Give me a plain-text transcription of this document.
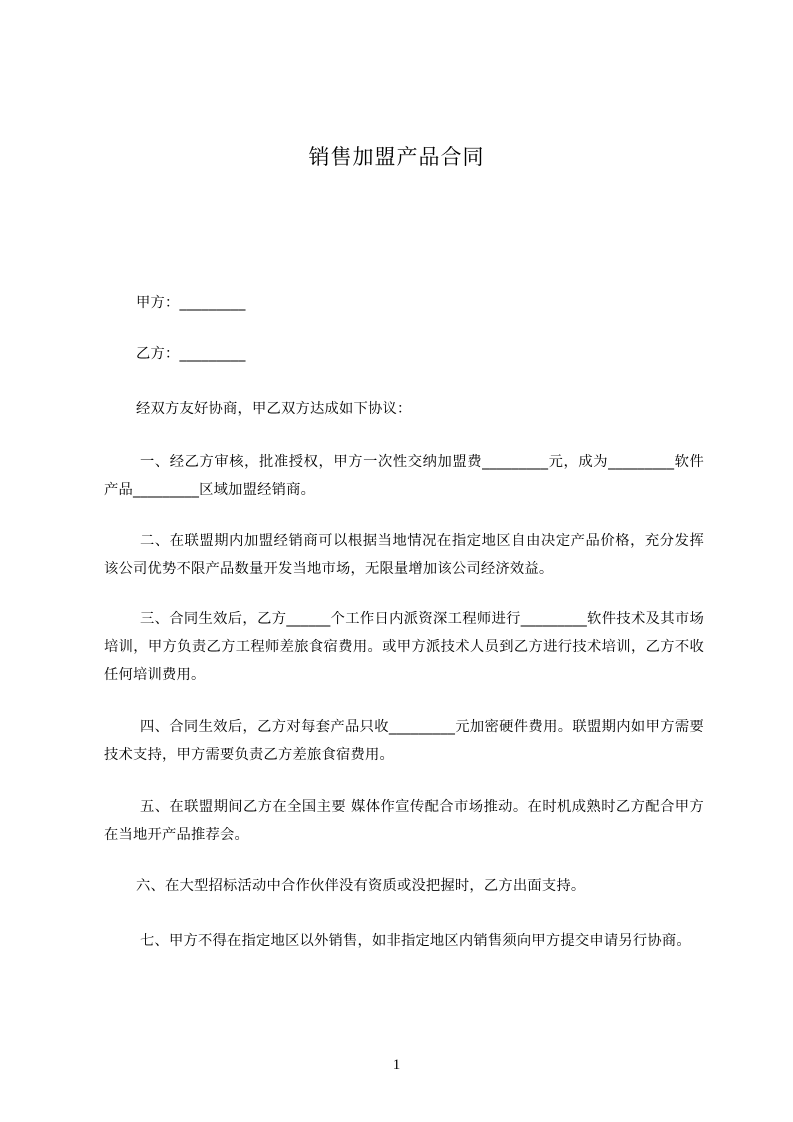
销售加盟产品合同
甲方：_________
乙方：_________
经双方友好协商，甲乙双方达成如下协议：
一、经乙方审核，批准授权，甲方一次性交纳加盟费_________元，成为_________软件产品_________区域加盟经销商。
二、在联盟期内加盟经销商可以根据当地情况在指定地区自由决定产品价格，充分发挥该公司优势不限产品数量开发当地市场，无限量增加该公司经济效益。
三、合同生效后，乙方______个工作日内派资深工程师进行_________软件技术及其市场培训，甲方负责乙方工程师差旅食宿费用。或甲方派技术人员到乙方进行技术培训，乙方不收任何培训费用。
四、合同生效后，乙方对每套产品只收_________元加密硬件费用。联盟期内如甲方需要技术支持，甲方需要负责乙方差旅食宿费用。
五、在联盟期间乙方在全国主要 媒体作宣传配合市场推动。在时机成熟时乙方配合甲方在当地开产品推荐会。
六、在大型招标活动中合作伙伴没有资质或没把握时，乙方出面支持。
七、甲方不得在指定地区以外销售，如非指定地区内销售须向甲方提交申请另行协商。
1
